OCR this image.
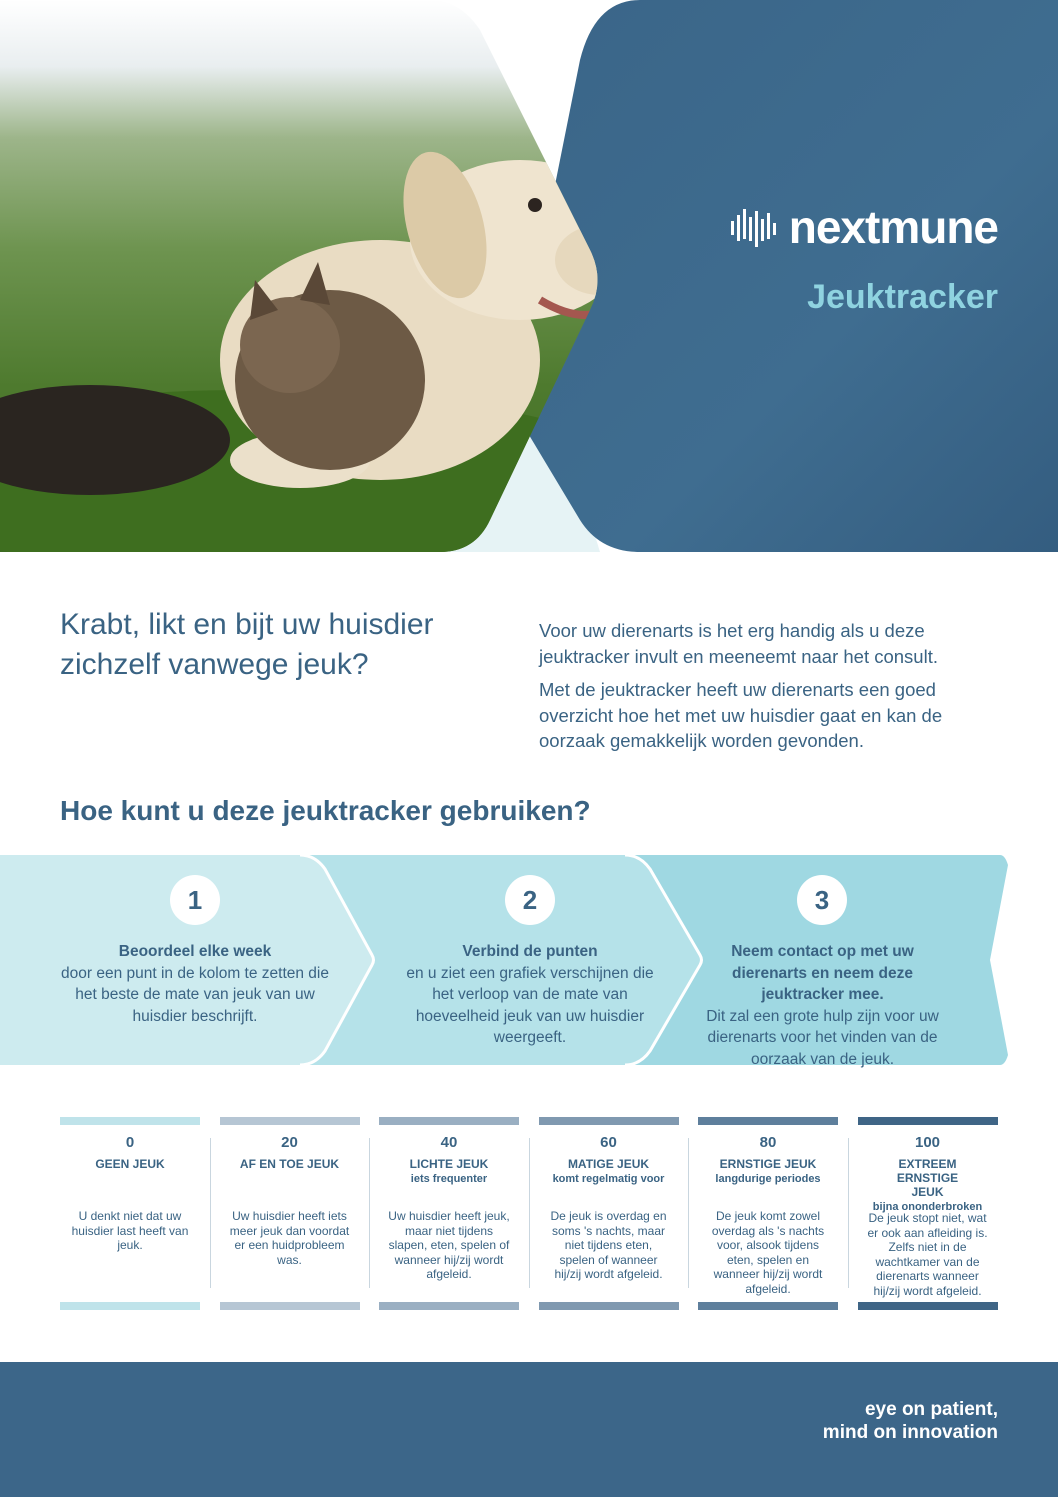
nextmune
Jeuktracker
Krabt, likt en bijt uw huisdier zichzelf vanwege jeuk?

Voor uw dierenarts is het erg handig als u deze jeuktracker invult en meeneemt naar het consult.

Met de jeuktracker heeft uw dierenarts een goed overzicht hoe het met uw huisdier gaat en kan de oorzaak gemakkelijk worden gevonden.

Hoe kunt u deze jeuktracker gebruiken?
1
Beoordeel elke week
door een punt in de kolom te zetten die het beste de mate van jeuk van uw huisdier beschrijft.
2
Verbind de punten
en u ziet een grafiek verschijnen die het verloop van de mate van hoeveelheid jeuk van uw huisdier weergeeft.
3
Neem contact op met uw dierenarts en neem deze jeuktracker mee.
Dit zal een grote hulp zijn voor uw dierenarts voor het vinden van de oorzaak van de jeuk.
0
GEEN JEUK

U denkt niet dat uw huisdier last heeft van jeuk.
20
AF EN TOE JEUK

Uw huisdier heeft iets meer jeuk dan voordat er een huidprobleem was.
40
LICHTE JEUK
iets frequenter
Uw huisdier heeft jeuk, maar niet tijdens slapen, eten, spelen of wanneer hij/zij wordt afgeleid.
60
MATIGE JEUK
komt regelmatig voor
De jeuk is overdag en soms 's nachts, maar niet tijdens eten, spelen of wanneer hij/zij wordt afgeleid.
80
ERNSTIGE JEUK
langdurige periodes
De jeuk komt zowel overdag als 's nachts voor, alsook tijdens eten, spelen en wanneer hij/zij wordt afgeleid.
100
EXTREEM ERNSTIGE JEUK
bijna ononderbroken
De jeuk stopt niet, wat er ook aan afleiding is. Zelfs niet in de wachtkamer van de dierenarts wanneer hij/zij wordt afgeleid.
eye on patient,
mind on innovation
